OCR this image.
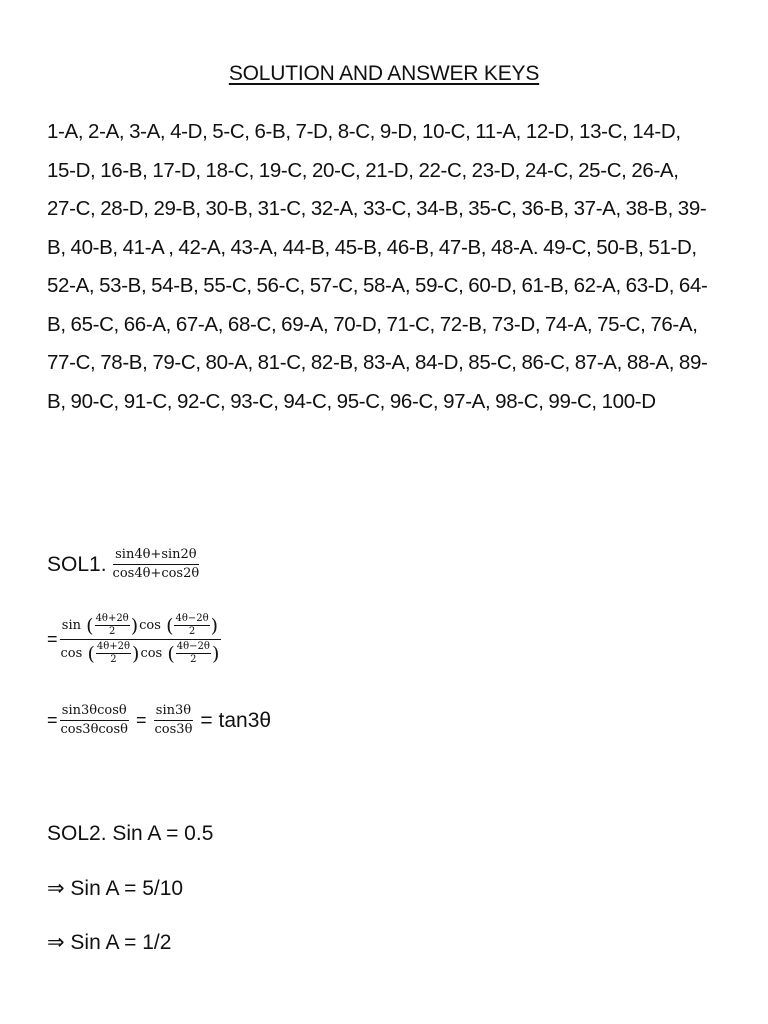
SOLUTION AND ANSWER KEYS
1-A, 2-A, 3-A, 4-D, 5-C, 6-B, 7-D, 8-C, 9-D, 10-C, 11-A, 12-D, 13-C, 14-D,
15-D, 16-B, 17-D, 18-C, 19-C, 20-C, 21-D, 22-C, 23-D, 24-C, 25-C, 26-A,
27-C, 28-D, 29-B, 30-B, 31-C, 32-A, 33-C, 34-B, 35-C, 36-B, 37-A, 38-B, 39-
B, 40-B, 41-A , 42-A, 43-A, 44-B, 45-B, 46-B, 47-B, 48-A. 49-C, 50-B, 51-D,
52-A, 53-B, 54-B, 55-C, 56-C, 57-C, 58-A, 59-C, 60-D, 61-B, 62-A, 63-D, 64-
B, 65-C, 66-A, 67-A, 68-C, 69-A, 70-D, 71-C, 72-B, 73-D, 74-A, 75-C, 76-A,
77-C, 78-B, 79-C, 80-A, 81-C, 82-B, 83-A, 84-D, 85-C, 86-C, 87-A, 88-A, 89-
B, 90-C, 91-C, 92-C, 93-C, 94-C, 95-C, 96-C, 97-A, 98-C, 99-C, 100-D
SOL1. $\frac{\sin 4\theta+\sin 2\theta}{\cos 4\theta+\cos 2\theta}$
=
sin
( $\frac{4\theta+2\theta}{2}$ ) cos
( $\frac{4\theta-2\theta}{2}$ )
cos
( $\frac{4\theta+2\theta}{2}$ ) cos
( $\frac{4\theta-2\theta}{2}$ )
= $\frac{\sin 3\theta\cos\theta}{\cos 3\theta\cos\theta} = \frac{\sin 3\theta}{\cos 3\theta} = \tan 3\theta$
SOL2. Sin A = 0.5
⇒ Sin A = 5/10
⇒ Sin A = 1/2
